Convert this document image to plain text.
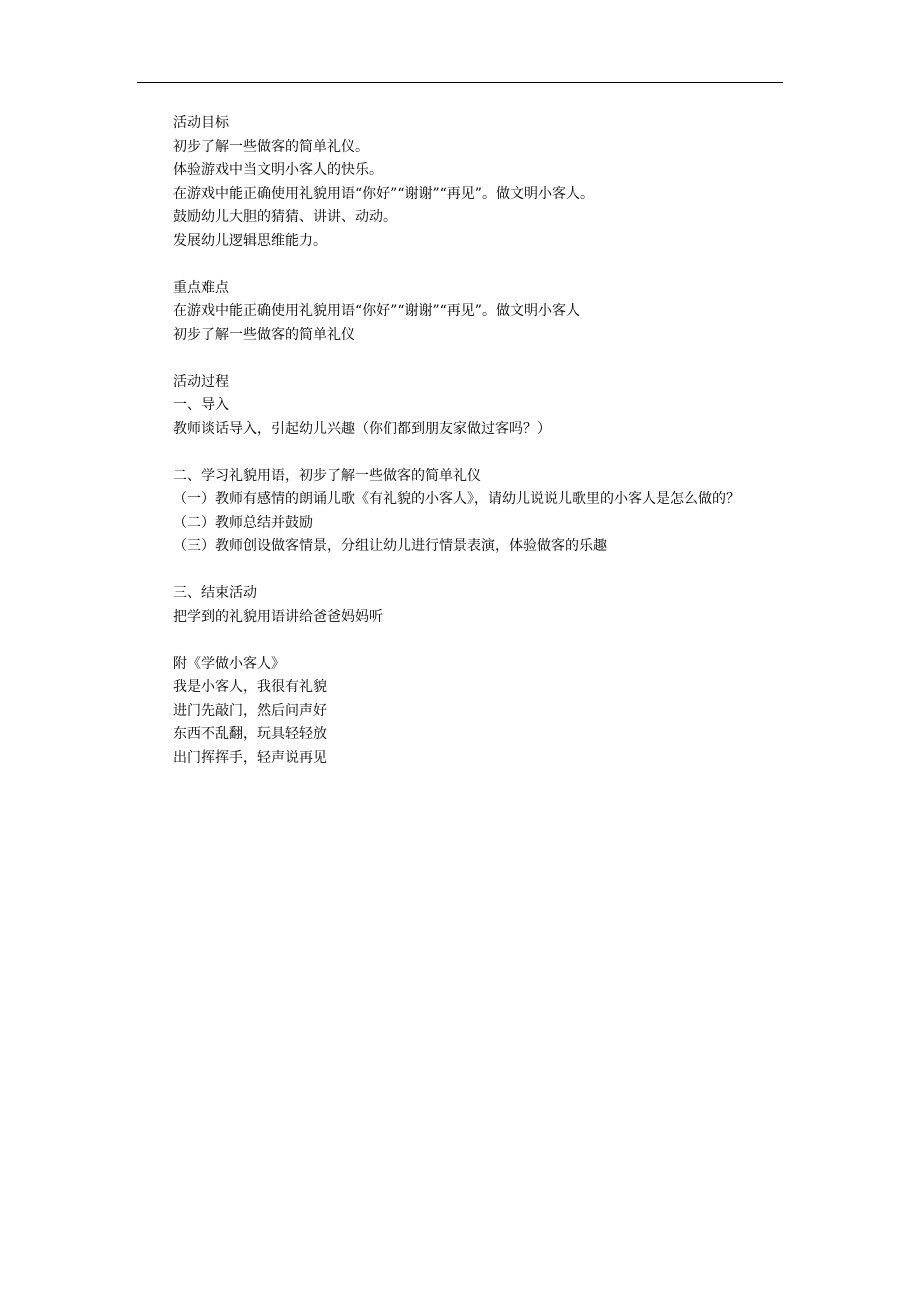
活动目标
初步了解一些做客的简单礼仪。
体验游戏中当文明小客人的快乐。
在游戏中能正确使用礼貌用语“你好”“谢谢”“再见”。做文明小客人。
鼓励幼儿大胆的猜猜、讲讲、动动。
发展幼儿逻辑思维能力。
重点难点
在游戏中能正确使用礼貌用语“你好”“谢谢”“再见”。做文明小客人
初步了解一些做客的简单礼仪
活动过程
一、导入
教师谈话导入，引起幼儿兴趣（你们都到朋友家做过客吗？）
二、学习礼貌用语，初步了解一些做客的简单礼仪
（一）教师有感情的朗诵儿歌《有礼貌的小客人》，请幼儿说说儿歌里的小客人是怎么做的？
（二）教师总结并鼓励
（三）教师创设做客情景，分组让幼儿进行情景表演，体验做客的乐趣
三、结束活动
把学到的礼貌用语讲给爸爸妈妈听
附《学做小客人》
我是小客人，我很有礼貌
进门先敲门，然后问声好
东西不乱翻，玩具轻轻放
出门挥挥手，轻声说再见
